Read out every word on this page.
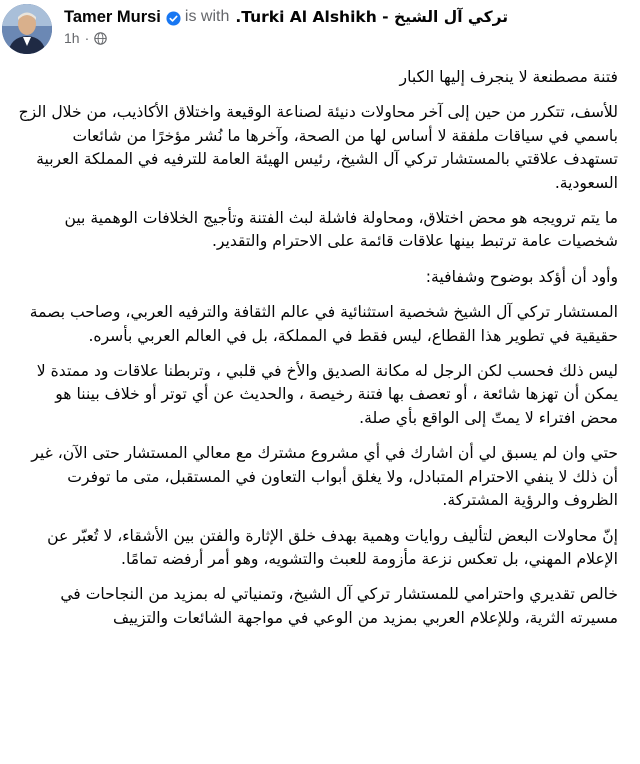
Tamer Mursi is with تركي آل الشيخ - Turki Al Alshikh.
1h ·

فتنة مصطنعة لا ينجرف إليها الكبار

للأسف، تتكرر من حين إلى آخر محاولات دنيئة لصناعة الوقيعة واختلاق الأكاذيب، من خلال الزج باسمي في سياقات ملفقة لا أساس لها من الصحة، وآخرها ما نُشر مؤخرًا من شائعات تستهدف علاقتي بالمستشار تركي آل الشيخ، رئيس الهيئة العامة للترفيه في المملكة العربية السعودية.

ما يتم ترويجه هو محض اختلاق، ومحاولة فاشلة لبث الفتنة وتأجيج الخلافات الوهمية بين شخصيات عامة ترتبط بينها علاقات قائمة على الاحترام والتقدير.

وأود أن أؤكد بوضوح وشفافية:

المستشار تركي آل الشيخ شخصية استثنائية في عالم الثقافة والترفيه العربي، وصاحب بصمة حقيقية في تطوير هذا القطاع، ليس فقط في المملكة، بل في العالم العربي بأسره.

ليس ذلك فحسب لكن الرجل له مكانة الصديق والأخ في قلبي ، وتربطنا علاقات ود ممتدة لا يمكن أن تهزها شائعة ، أو تعصف بها فتنة رخيصة ، والحديث عن أي توتر أو خلاف بيننا هو محض افتراء لا يمتّ إلى الواقع بأي صلة.

حتي وان لم يسبق لي أن اشارك في أي مشروع مشترك مع معالي المستشار حتى الآن، غير أن ذلك لا ينفي الاحترام المتبادل، ولا يغلق أبواب التعاون في المستقبل، متى ما توفرت الظروف والرؤية المشتركة.

إنّ محاولات البعض لتأليف روايات وهمية بهدف خلق الإثارة والفتن بين الأشقاء، لا تُعبّر عن الإعلام المهني، بل تعكس نزعة مأزومة للعبث والتشويه، وهو أمر أرفضه تمامًا.

خالص تقديري واحترامي للمستشار تركي آل الشيخ، وتمنياتي له بمزيد من النجاحات في مسيرته الثرية، وللإعلام العربي بمزيد من الوعي في مواجهة الشائعات والتزييف
